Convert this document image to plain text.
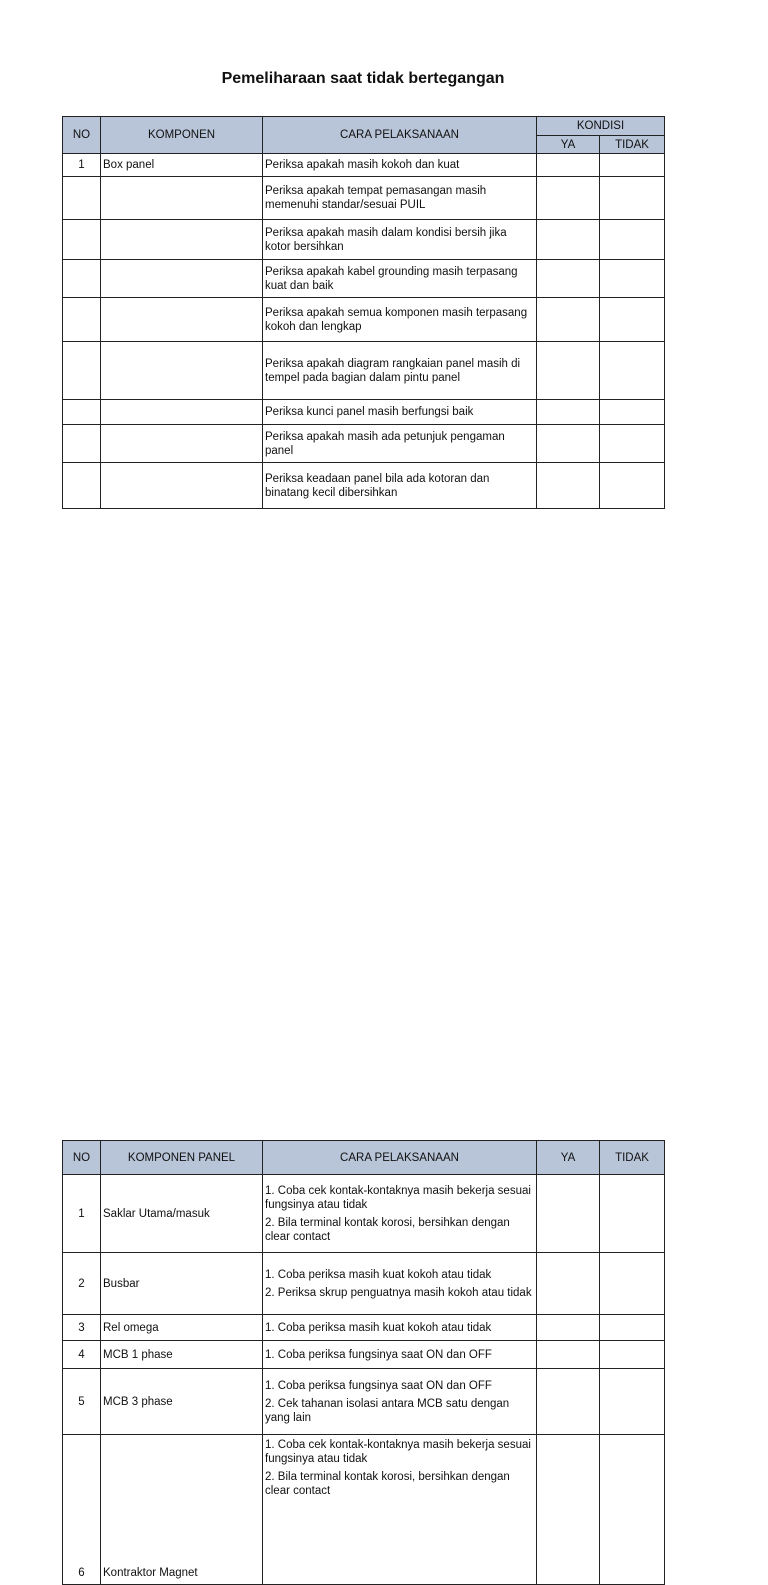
Pemeliharaan saat tidak bertegangan
NO	KOMPONEN	CARA PELAKSANAAN	KONDISI	
			YA	TIDAK
1	Box panel	Periksa apakah masih kokoh dan kuat		
		Periksa apakah tempat pemasangan masih memenuhi standar/sesuai PUIL		
		Periksa apakah masih dalam kondisi bersih jika kotor bersihkan		
		Periksa apakah kabel grounding masih terpasang kuat dan baik		
		Periksa apakah semua komponen masih terpasang kokoh dan lengkap		
		Periksa apakah diagram rangkaian panel masih di tempel pada bagian dalam pintu panel		
		Periksa kunci panel masih berfungsi baik		
		Periksa apakah masih ada petunjuk pengaman panel		
		Periksa keadaan panel bila ada kotoran dan binatang kecil dibersihkan		
NO	KOMPONEN PANEL	CARA PELAKSANAAN	YA	TIDAK
1	Saklar Utama/masuk	1. Coba cek kontak-kontaknya masih bekerja sesuai fungsinya atau tidak
2. Bila terminal kontak korosi, bersihkan dengan clear contact		

2	Busbar	1. Coba periksa masih kuat kokoh atau tidak
2. Periksa skrup penguatnya masih kokoh atau tidak		

3	Rel omega	1. Coba periksa masih kuat kokoh atau tidak		

4	MCB 1 phase	1. Coba periksa fungsinya saat ON dan OFF		

5	MCB 3 phase	1. Coba periksa fungsinya saat ON dan OFF
2. Cek tahanan isolasi antara MCB satu dengan yang lain		

6	Kontraktor Magnet	1. Coba cek kontak-kontaknya masih bekerja sesuai fungsinya atau tidak
2. Bila terminal kontak korosi, bersihkan dengan clear contact		
